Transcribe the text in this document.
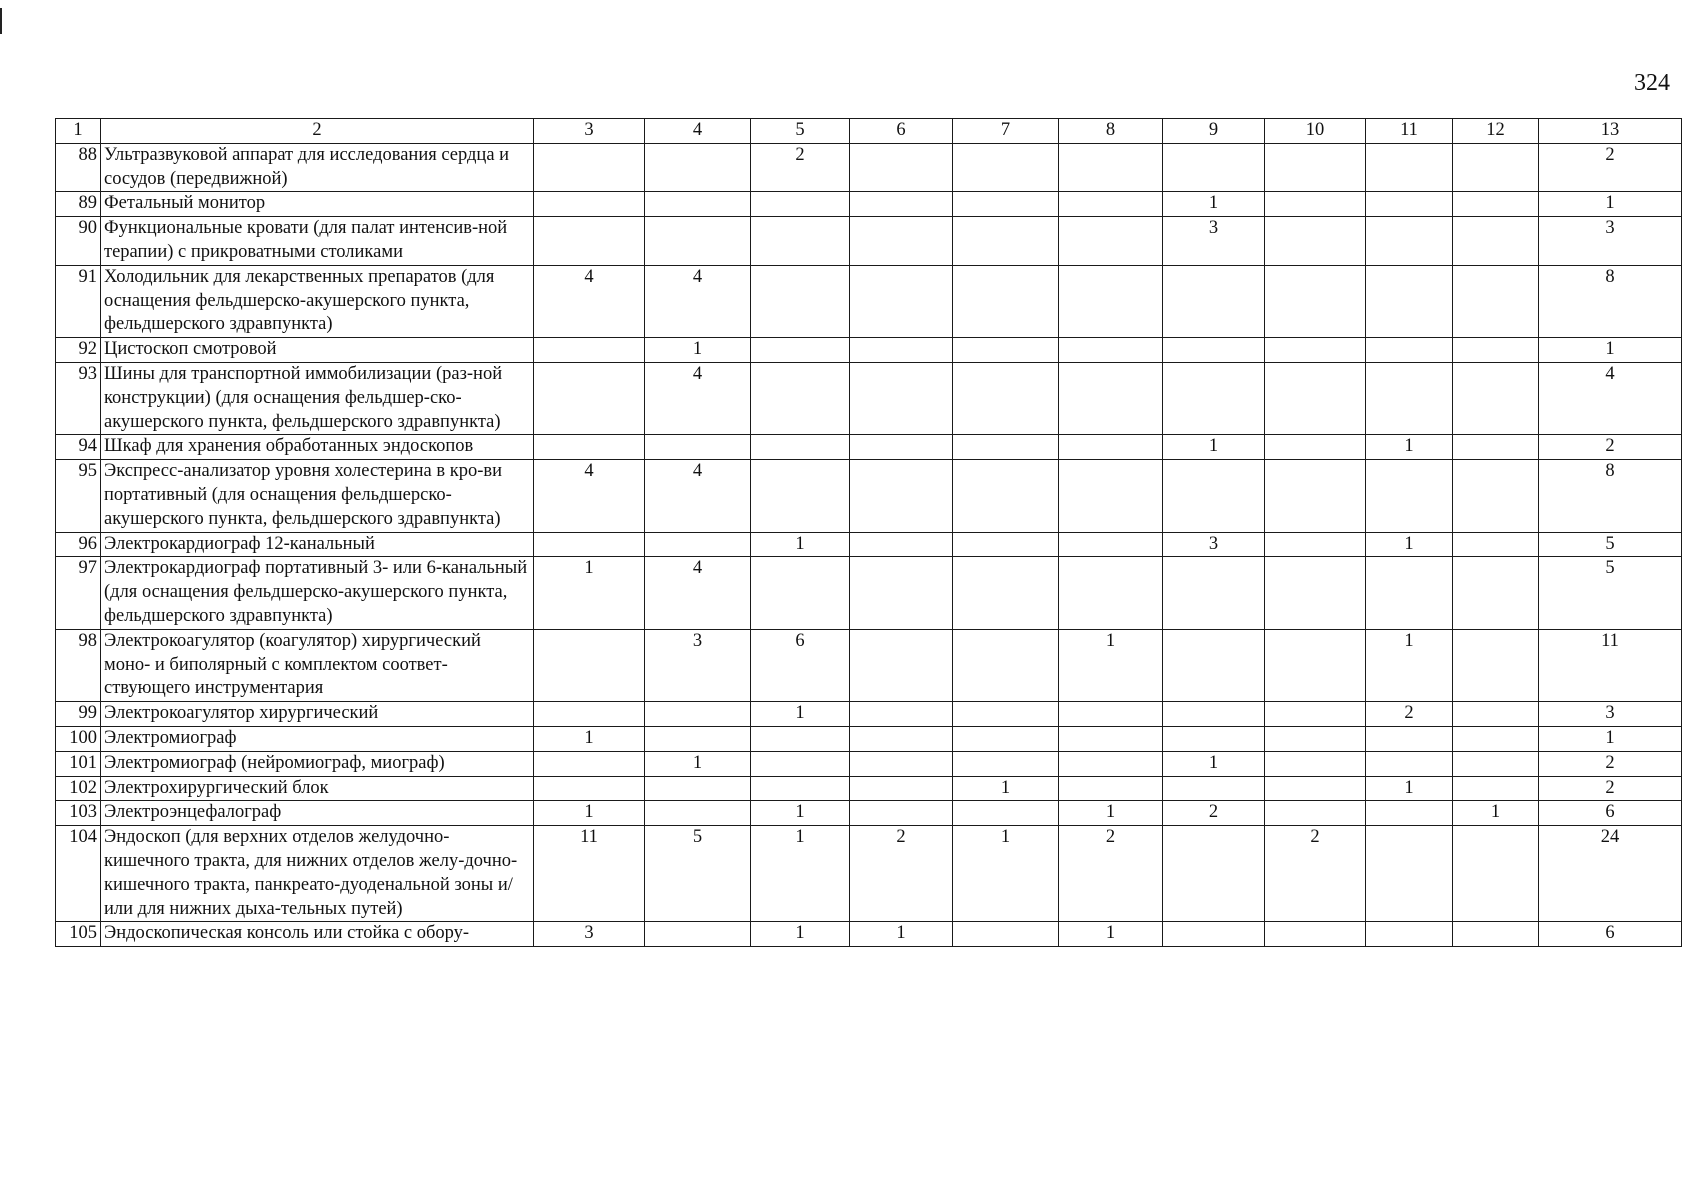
324
1	2	3	4	5	6	7	8	9	10	11	12	13
88	Ультразвуковой аппарат для исследования сердца и сосудов (передвижной)			2								2
89	Фетальный монитор							1				1
90	Функциональные кровати (для палат интенсив-ной терапии) с прикроватными столиками							3				3
91	Холодильник для лекарственных препаратов (для оснащения фельдшерско-акушерского пункта, фельдшерского здравпункта)	4	4									8
92	Цистоскоп смотровой		1									1
93	Шины для транспортной иммобилизации (раз-ной конструкции) (для оснащения фельдшер-ско-акушерского пункта, фельдшерского здравпункта)		4									4
94	Шкаф для хранения обработанных эндоскопов							1		1		2
95	Экспресс-анализатор уровня холестерина в кро-ви портативный (для оснащения фельдшерско-акушерского пункта, фельдшерского здравпункта)	4	4									8
96	Электрокардиограф 12-канальный			1				3		1		5
97	Электрокардиограф портативный 3- или 6-канальный (для оснащения фельдшерско-акушерского пункта, фельдшерского здравпункта)	1	4									5
98	Электрокоагулятор (коагулятор) хирургический моно- и биполярный с комплектом соответ-ствующего инструментария		3	6			1			1		11
99	Электрокоагулятор хирургический			1						2		3
100	Электромиограф	1										1
101	Электромиограф (нейромиограф, миограф)		1					1				2
102	Электрохирургический блок					1				1		2
103	Электроэнцефалограф	1		1			1	2			1	6
104	Эндоскоп (для верхних отделов желудочно-кишечного тракта, для нижних отделов желу-дочно-кишечного тракта, панкреато-дуоденальной зоны и/или для нижних дыха-тельных путей)	11	5	1	2	1	2		2			24
105	Эндоскопическая консоль или стойка с обору-	3		1	1		1					6
